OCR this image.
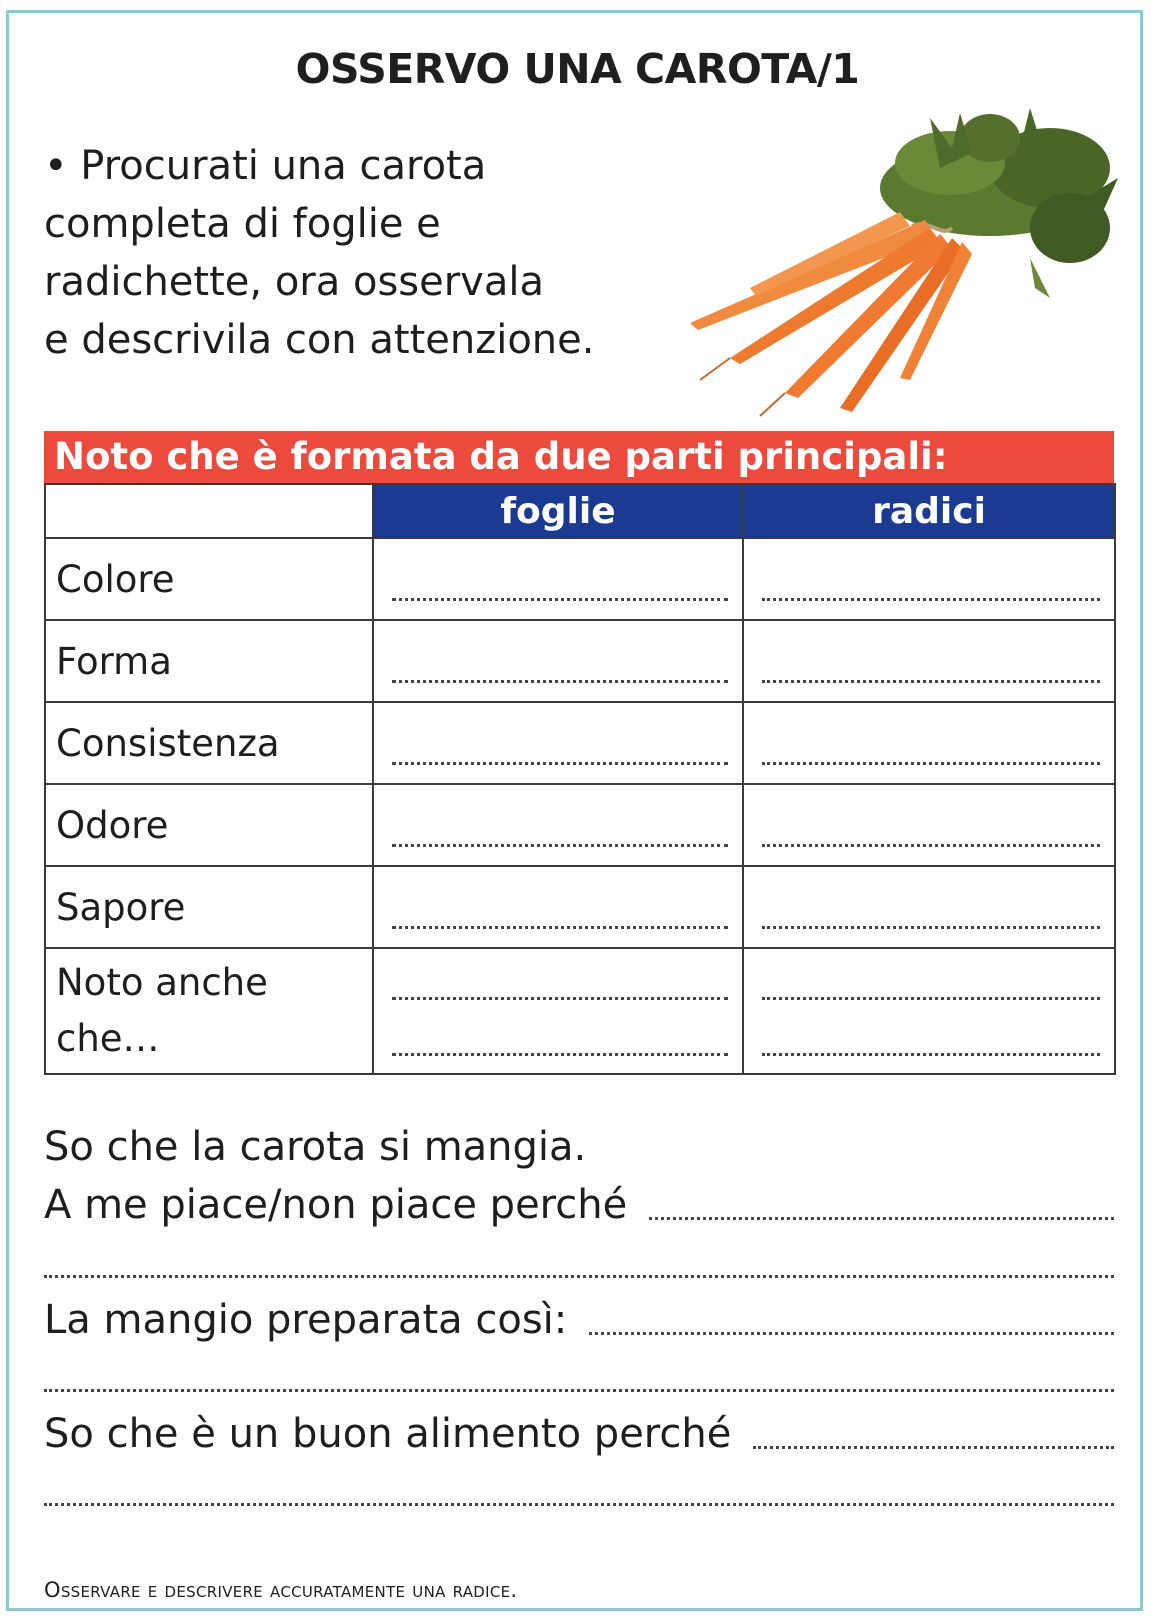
OSSERVO UNA CAROTA/1
• Procurati una carota
completa di foglie e
radichette, ora osservala
e descrivila con attenzione.
Noto che è formata da due parti principali:
	foglie	radici
Colore	

Forma	

Consistenza	

Odore	

Sapore	

Noto anche che…	

So che la carota si mangia.
A me piace/non piace perché
La mangio preparata così:
So che è un buon alimento perché
Osservare e descrivere accuratamente una radice.
